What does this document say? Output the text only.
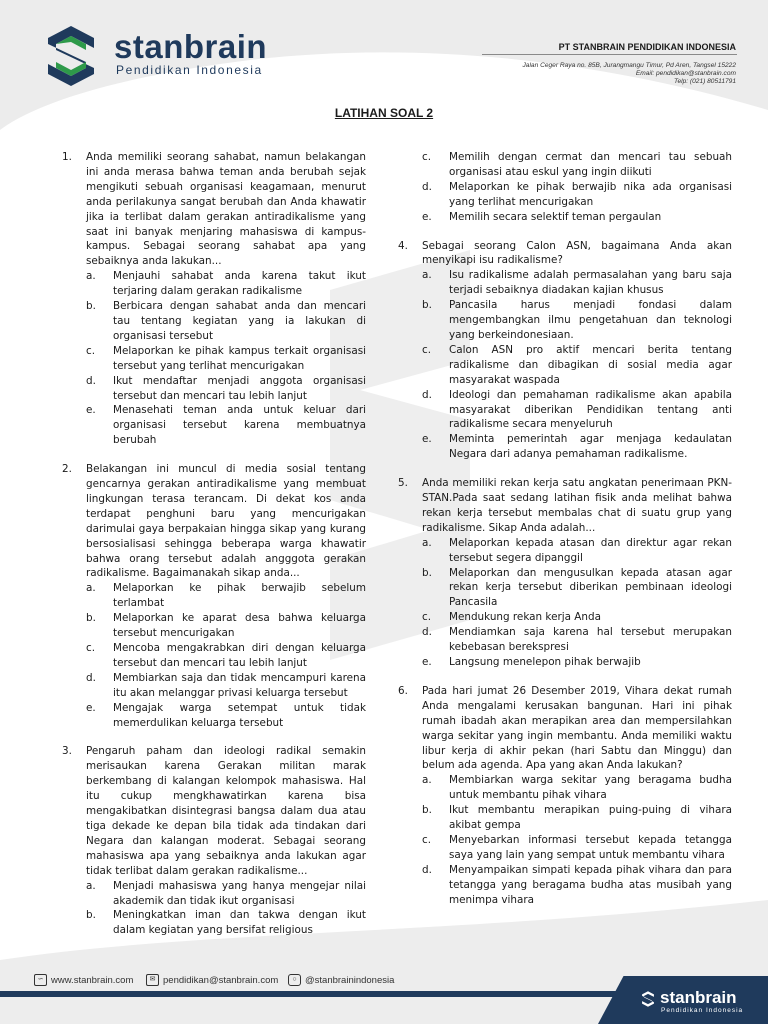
stanbrain
Pendidikan Indonesia
PT STANBRAIN PENDIDIKAN INDONESIA
Jalan Ceger Raya no. 85B, Jurangmangu Timur, Pd Aren, Tangsel 15222
Email: pendidikan@stanbrain.com
Telp: (021) 80511791
LATIHAN SOAL 2
1. Anda memiliki seorang sahabat, namun belakangan ini anda merasa bahwa teman anda berubah sejak mengikuti sebuah organisasi keagamaan, menurut anda perilakunya sangat berubah dan Anda khawatir jika ia terlibat dalam gerakan antiradikalisme yang saat ini banyak menjaring mahasiswa di kampus-kampus. Sebagai seorang sahabat apa yang sebaiknya anda lakukan...
a. Menjauhi sahabat anda karena takut ikut terjaring dalam gerakan radikalisme
b. Berbicara dengan sahabat anda dan mencari tau tentang kegiatan yang ia lakukan di organisasi tersebut
c. Melaporkan ke pihak kampus terkait organisasi tersebut yang terlihat mencurigakan
d. Ikut mendaftar menjadi anggota organisasi tersebut dan mencari tau lebih lanjut
e. Menasehati teman anda untuk keluar dari organisasi tersebut karena membuatnya berubah
2. Belakangan ini muncul di media sosial tentang gencarnya gerakan antiradikalisme yang membuat lingkungan terasa terancam. Di dekat kos anda terdapat penghuni baru yang mencurigakan darimulai gaya berpakaian hingga sikap yang kurang bersosialisasi sehingga beberapa warga khawatir bahwa orang tersebut adalah angggota gerakan radikalisme. Bagaimanakah sikap anda...
a. Melaporkan ke pihak berwajib sebelum terlambat
b. Melaporkan ke aparat desa bahwa keluarga tersebut mencurigakan
c. Mencoba mengakrabkan diri dengan keluarga tersebut dan mencari tau lebih lanjut
d. Membiarkan saja dan tidak mencampuri karena itu akan melanggar privasi keluarga tersebut
e. Mengajak warga setempat untuk tidak memerdulikan keluarga tersebut
3. Pengaruh paham dan ideologi radikal semakin merisaukan karena Gerakan militan marak berkembang di kalangan kelompok mahasiswa. Hal itu cukup mengkhawatirkan karena bisa mengakibatkan disintegrasi bangsa dalam dua atau tiga dekade ke depan bila tidak ada tindakan dari Negara dan kalangan moderat. Sebagai seorang mahasiswa apa yang sebaiknya anda lakukan agar tidak terlibat dalam gerakan radikalisme...
a. Menjadi mahasiswa yang hanya mengejar nilai akademik dan tidak ikut organisasi
b. Meningkatkan iman dan takwa dengan ikut dalam kegiatan yang bersifat religious
c. Memilih dengan cermat dan mencari tau sebuah organisasi atau eskul yang ingin diikuti
d. Melaporkan ke pihak berwajib nika ada organisasi yang terlihat mencurigakan
e. Memilih secara selektif teman pergaulan
4. Sebagai seorang Calon ASN, bagaimana Anda akan menyikapi isu radikalisme?
a. Isu radikalisme adalah permasalahan yang baru saja terjadi sebaiknya diadakan kajian khusus
b. Pancasila harus menjadi fondasi dalam mengembangkan ilmu pengetahuan dan teknologi yang berkeindonesiaan.
c. Calon ASN pro aktif mencari berita tentang radikalisme dan dibagikan di sosial media agar masyarakat waspada
d. Ideologi dan pemahaman radikalisme akan apabila masyarakat diberikan Pendidikan tentang anti radikalisme secara menyeluruh
e. Meminta pemerintah agar menjaga kedaulatan Negara dari adanya pemahaman radikalisme.
5. Anda memiliki rekan kerja satu angkatan penerimaan PKN-STAN.Pada saat sedang latihan fisik anda melihat bahwa rekan kerja tersebut membalas chat di suatu grup yang radikalisme. Sikap Anda adalah...
a. Melaporkan kepada atasan dan direktur agar rekan tersebut segera dipanggil
b. Melaporkan dan mengusulkan kepada atasan agar rekan kerja tersebut diberikan pembinaan ideologi Pancasila
c. Mendukung rekan kerja Anda
d. Mendiamkan saja karena hal tersebut merupakan kebebasan berekspresi
e. Langsung menelepon pihak berwajib
6. Pada hari jumat 26 Desember 2019, Vihara dekat rumah Anda mengalami kerusakan bangunan. Hari ini pihak rumah ibadah akan merapikan area dan mempersilahkan warga sekitar yang ingin membantu. Anda memiliki waktu libur kerja di akhir pekan (hari Sabtu dan Minggu) dan belum ada agenda. Apa yang akan Anda lakukan?
a. Membiarkan warga sekitar yang beragama budha untuk membantu pihak vihara
b. Ikut membantu merapikan puing-puing di vihara akibat gempa
c. Menyebarkan informasi tersebut kepada tetangga saya yang lain yang sempat untuk membantu vihara
d. Menyampaikan simpati kepada pihak vihara dan para tetangga yang beragama budha atas musibah yang menimpa vihara
∽ www.stanbrain.com	✉ pendidikan@stanbrain.com	○ @stanbrainindonesia
stanbrain
Pendidikan Indonesia
